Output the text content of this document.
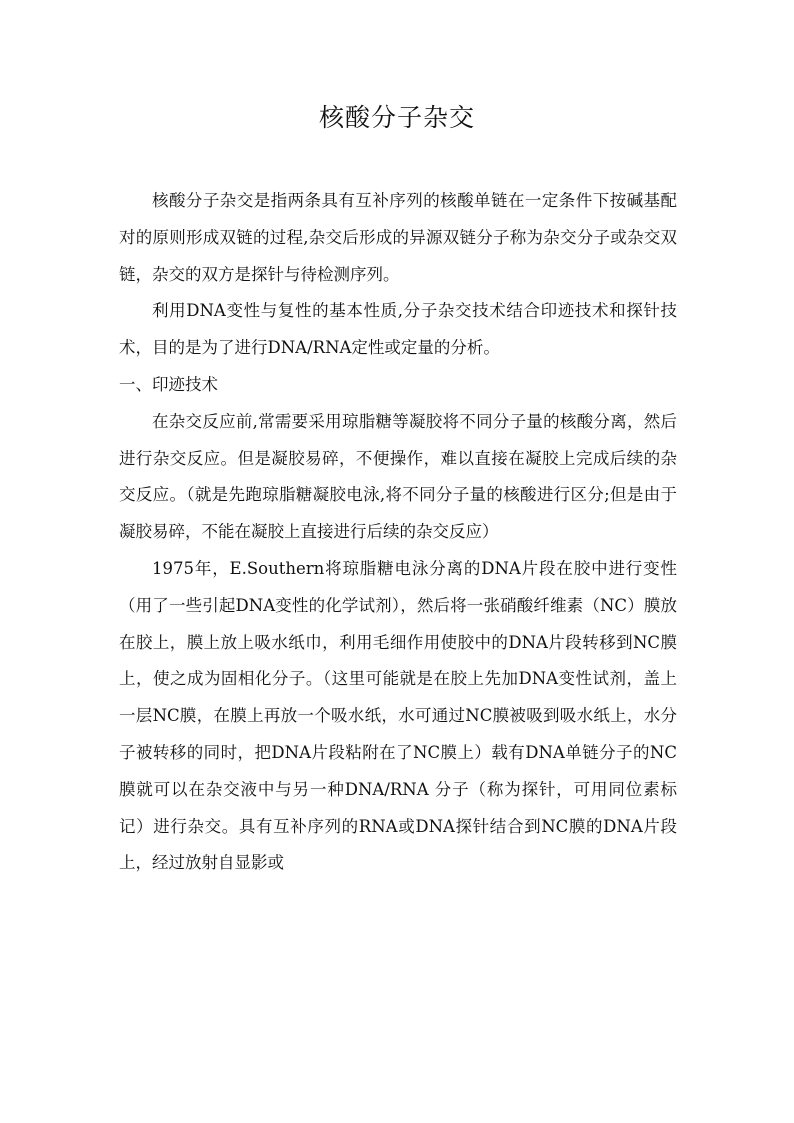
核酸分子杂交

核酸分子杂交是指两条具有互补序列的核酸单链在一定条件下按碱基配对的原则形成双链的过程,杂交后形成的异源双链分子称为杂交分子或杂交双链，杂交的双方是探针与待检测序列。

利用DNA变性与复性的基本性质,分子杂交技术结合印迹技术和探针技术，目的是为了进行DNA/RNA定性或定量的分析。

一、印迹技术

在杂交反应前,常需要采用琼脂糖等凝胶将不同分子量的核酸分离，然后进行杂交反应。但是凝胶易碎，不便操作，难以直接在凝胶上完成后续的杂交反应。（就是先跑琼脂糖凝胶电泳,将不同分子量的核酸进行区分;但是由于凝胶易碎，不能在凝胶上直接进行后续的杂交反应）

1975年，E.Southern将琼脂糖电泳分离的DNA片段在胶中进行变性（用了一些引起DNA变性的化学试剂），然后将一张硝酸纤维素（NC）膜放在胶上，膜上放上吸水纸巾，利用毛细作用使胶中的DNA片段转移到NC膜上，使之成为固相化分子。（这里可能就是在胶上先加DNA变性试剂，盖上一层NC膜，在膜上再放一个吸水纸，水可通过NC膜被吸到吸水纸上，水分子被转移的同时，把DNA片段粘附在了NC膜上）载有DNA单链分子的NC膜就可以在杂交液中与另一种DNA/RNA 分子（称为探针，可用同位素标记）进行杂交。具有互补序列的RNA或DNA探针结合到NC膜的DNA片段上，经过放射自显影或
